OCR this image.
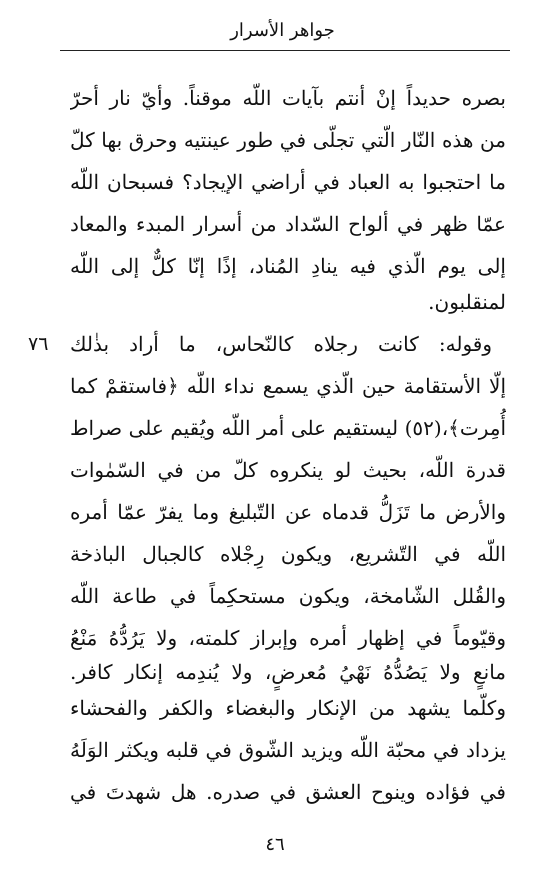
جواهر الأسرار
بصره حديداً إنْ أنتم بآيات اللّه موقناً. وأيّ نار أحرّ
من هذه النّار الّتي تجلّى في طور عينتيه وحرق بها كلّ
ما احتجبوا به العباد في أراضي الإيجاد؟ فسبحان اللّه
عمّا ظهر في ألواح السّداد من أسرار المبدء والمعاد
إلى يوم الّذي فيه ينادِ المُناد، إذًا إنّا كلٌّ إلى اللّه
لمنقلبون.
٧٦ وقوله: كانت رجلاه كالنّحاس، ما أراد بذٰلك
إلّا الأستقامة حين الّذي يسمع نداء اللّه ﴿فاستقمْ كما
أُمِرت﴾،(٥٢) ليستقيم على أمر اللّه ويُقيم على صراط
قدرة اللّه، بحيث لو ينكروه كلّ من في السّمٰوات
والأرض ما تَزَلُّ قدماه عن التّبليغ وما يفرّ عمّا أمره
اللّه في التّشريع، ويكون رِجْلاه كالجبال الباذخة
والقُلل الشّامخة، ويكون مستحكِماً في طاعة اللّه
وقيّوماً في إظهار أمره وإبراز كلمته، ولا يَرُدُّهُ مَنْعُ
مانعٍ ولا يَصُدُّهُ نَهْيُ مُعرضٍ، ولا يُندِمه إنكار كافر.
وكلّما يشهد من الإنكار والبغضاء والكفر والفحشاء
يزداد في محبّة اللّه ويزيد الشّوق في قلبه ويكثر الوَلَهُ
في فؤاده وينوح العشق في صدره. هل شهدتَ في
٤٦
